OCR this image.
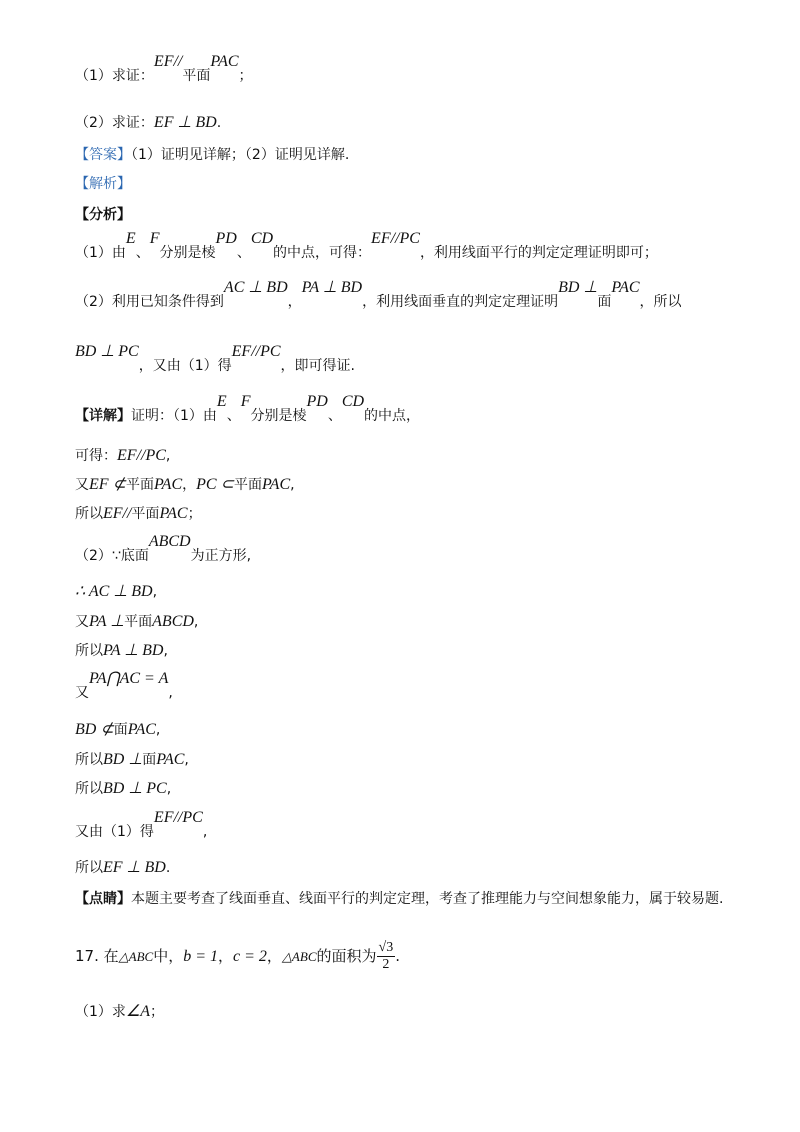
（1）求证：EF//平面PAC；
（2）求证：EF ⊥ BD.
【答案】（1）证明见详解；（2）证明见详解.
【解析】
【分析】
（1）由E、F分别是棱PD、CD的中点，可得：EF//PC，利用线面平行的判定定理证明即可；
（2）利用已知条件得到AC ⊥ BD，PA ⊥ BD，利用线面垂直的判定定理证明BD ⊥面PAC，所以
BD ⊥ PC，又由（1）得EF//PC，即可得证.
【详解】证明：（1）由E、F分别是棱PD、CD的中点，
可得：EF//PC,
又EF ⊄平面PAC，PC ⊂平面PAC,
所以EF//平面PAC；
（2）∵底面ABCD为正方形,
∴ AC ⊥ BD,
又PA ⊥平面ABCD,
所以PA ⊥ BD,
又PA⋂AC = A,
BD ⊄面PAC,
所以BD ⊥面PAC,
所以BD ⊥ PC,
又由（1）得EF//PC,
所以EF ⊥ BD.
【点睛】本题主要考查了线面垂直、线面平行的判定定理，考查了推理能力与空间想象能力，属于较易题.
17. 在△ABC中，b = 1，c = 2，△ABC的面积为 $\frac{√3}{2}$ .
（1）求∠A；
